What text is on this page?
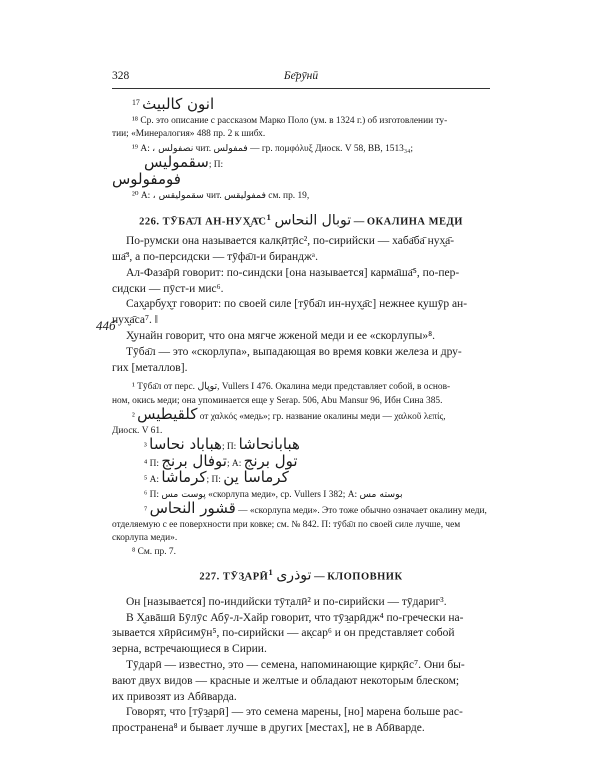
328	Бе̄рӯнӣ
44б

$^{17}$ انون كالبيث

¹⁸ Ср. это описание с рассказом Марко Поло (ум. в 1324 г.) об изготовлении ту-

тии; «Минералогия» 488 пр. 2 к шибх.

¹⁹ А: ، نصفولس чит. فمفولس — гр. πομφόλυξ Диоск. V 58, BB, 1513₃₄;

سقمولیس; П:

فومفولوس

²⁰ А: ، سقموليقس чит. فمفوليقس см. пр. 19,

226. ТӮБА̄Л $АН-НУХ̮А̄С^1$ توبال النحاس — ОКАЛИНА МЕДИ

По-румски она называется калк̣ӣт̣ӣс², по-сирийски — хаба̄ба̄ нух̮а̄-

ша̄³, а по-персидски — тӯфа̄л-и биранджᵃ.

Ал-Фаза̄рӣ говорит: по-синдски [она называется] карма̄ша̄⁵, по-пер-

сидски — пӯст-и мис⁶.

Сах̮арбух̮т говорит: по своей силе [тӯба̄л ин-нух̮а̄с] нежнее к̣ушӯр ан-

нух̮а̄са⁷. ‖

Х̮унайн говорит, что она мягче жженой меди и ее «скорлупы»⁸.

Тӯба̄л — это «скорлупа», выпадающая во время ковки железа и дру-

гих [металлов].

¹ Тӯба̄л от перс. توپال, Vullers I 476. Окалина меди представляет собой, в основ-

ном, окись меди; она упоминается еще у Serap. 506, Abu Mansur 96, Ибн Сина 385.

² كلقيطيس от χαλκός «медь»; гр. название окалины меди — χαλκοῦ λεπίς,

Диоск. V 61.

³ هباباد نحاسا; П: هبابانحاشا

⁴ П: توفال برنج; А: تول برنج

⁵ А: كرماشا; П: كرماسا ين

⁶ П: پوست مس «скорлупа меди», ср. Vullers I 382; А: بوسته مس

⁷ قشور النحاس — «скорлупа меди». Это тоже обычно означает окалину меди,

отделяемую с ее поверхности при ковке; см. № 842. П: тӯба̄л по своей силе лучше, чем

скорлупа меди».

⁸ См. пр. 7.

227. ТӮЗ̱АРӢ$^1$ توذری — КЛОПОВНИК

Он [называется] по-индийски тӯт̣алӣ² и по-сирийски — тӯдариг³.

В Х̮авāшӣ Бӯлӯс Абӯ-л-Хайр говорит, что тӯз̱арӣдж⁴ по-гречески на-

зывается хӣрӣсимӯн⁵, по-сирийски — ак̣сар⁶ и он представляет собой

зерна, встречающиеся в Сирии.

Тӯдарӣ — известно, это — семена, напоминающие к̣ирк̣ӣс⁷. Они бы-

вают двух видов — красные и желтые и обладают некоторым блеском;

их привозят из Абӣварда.

Говорят, что [тӯз̱арӣ] — это семена марены, [но] марена больше рас-

пространена⁸ и бывает лучше в других [местах], не в Абӣварде.
